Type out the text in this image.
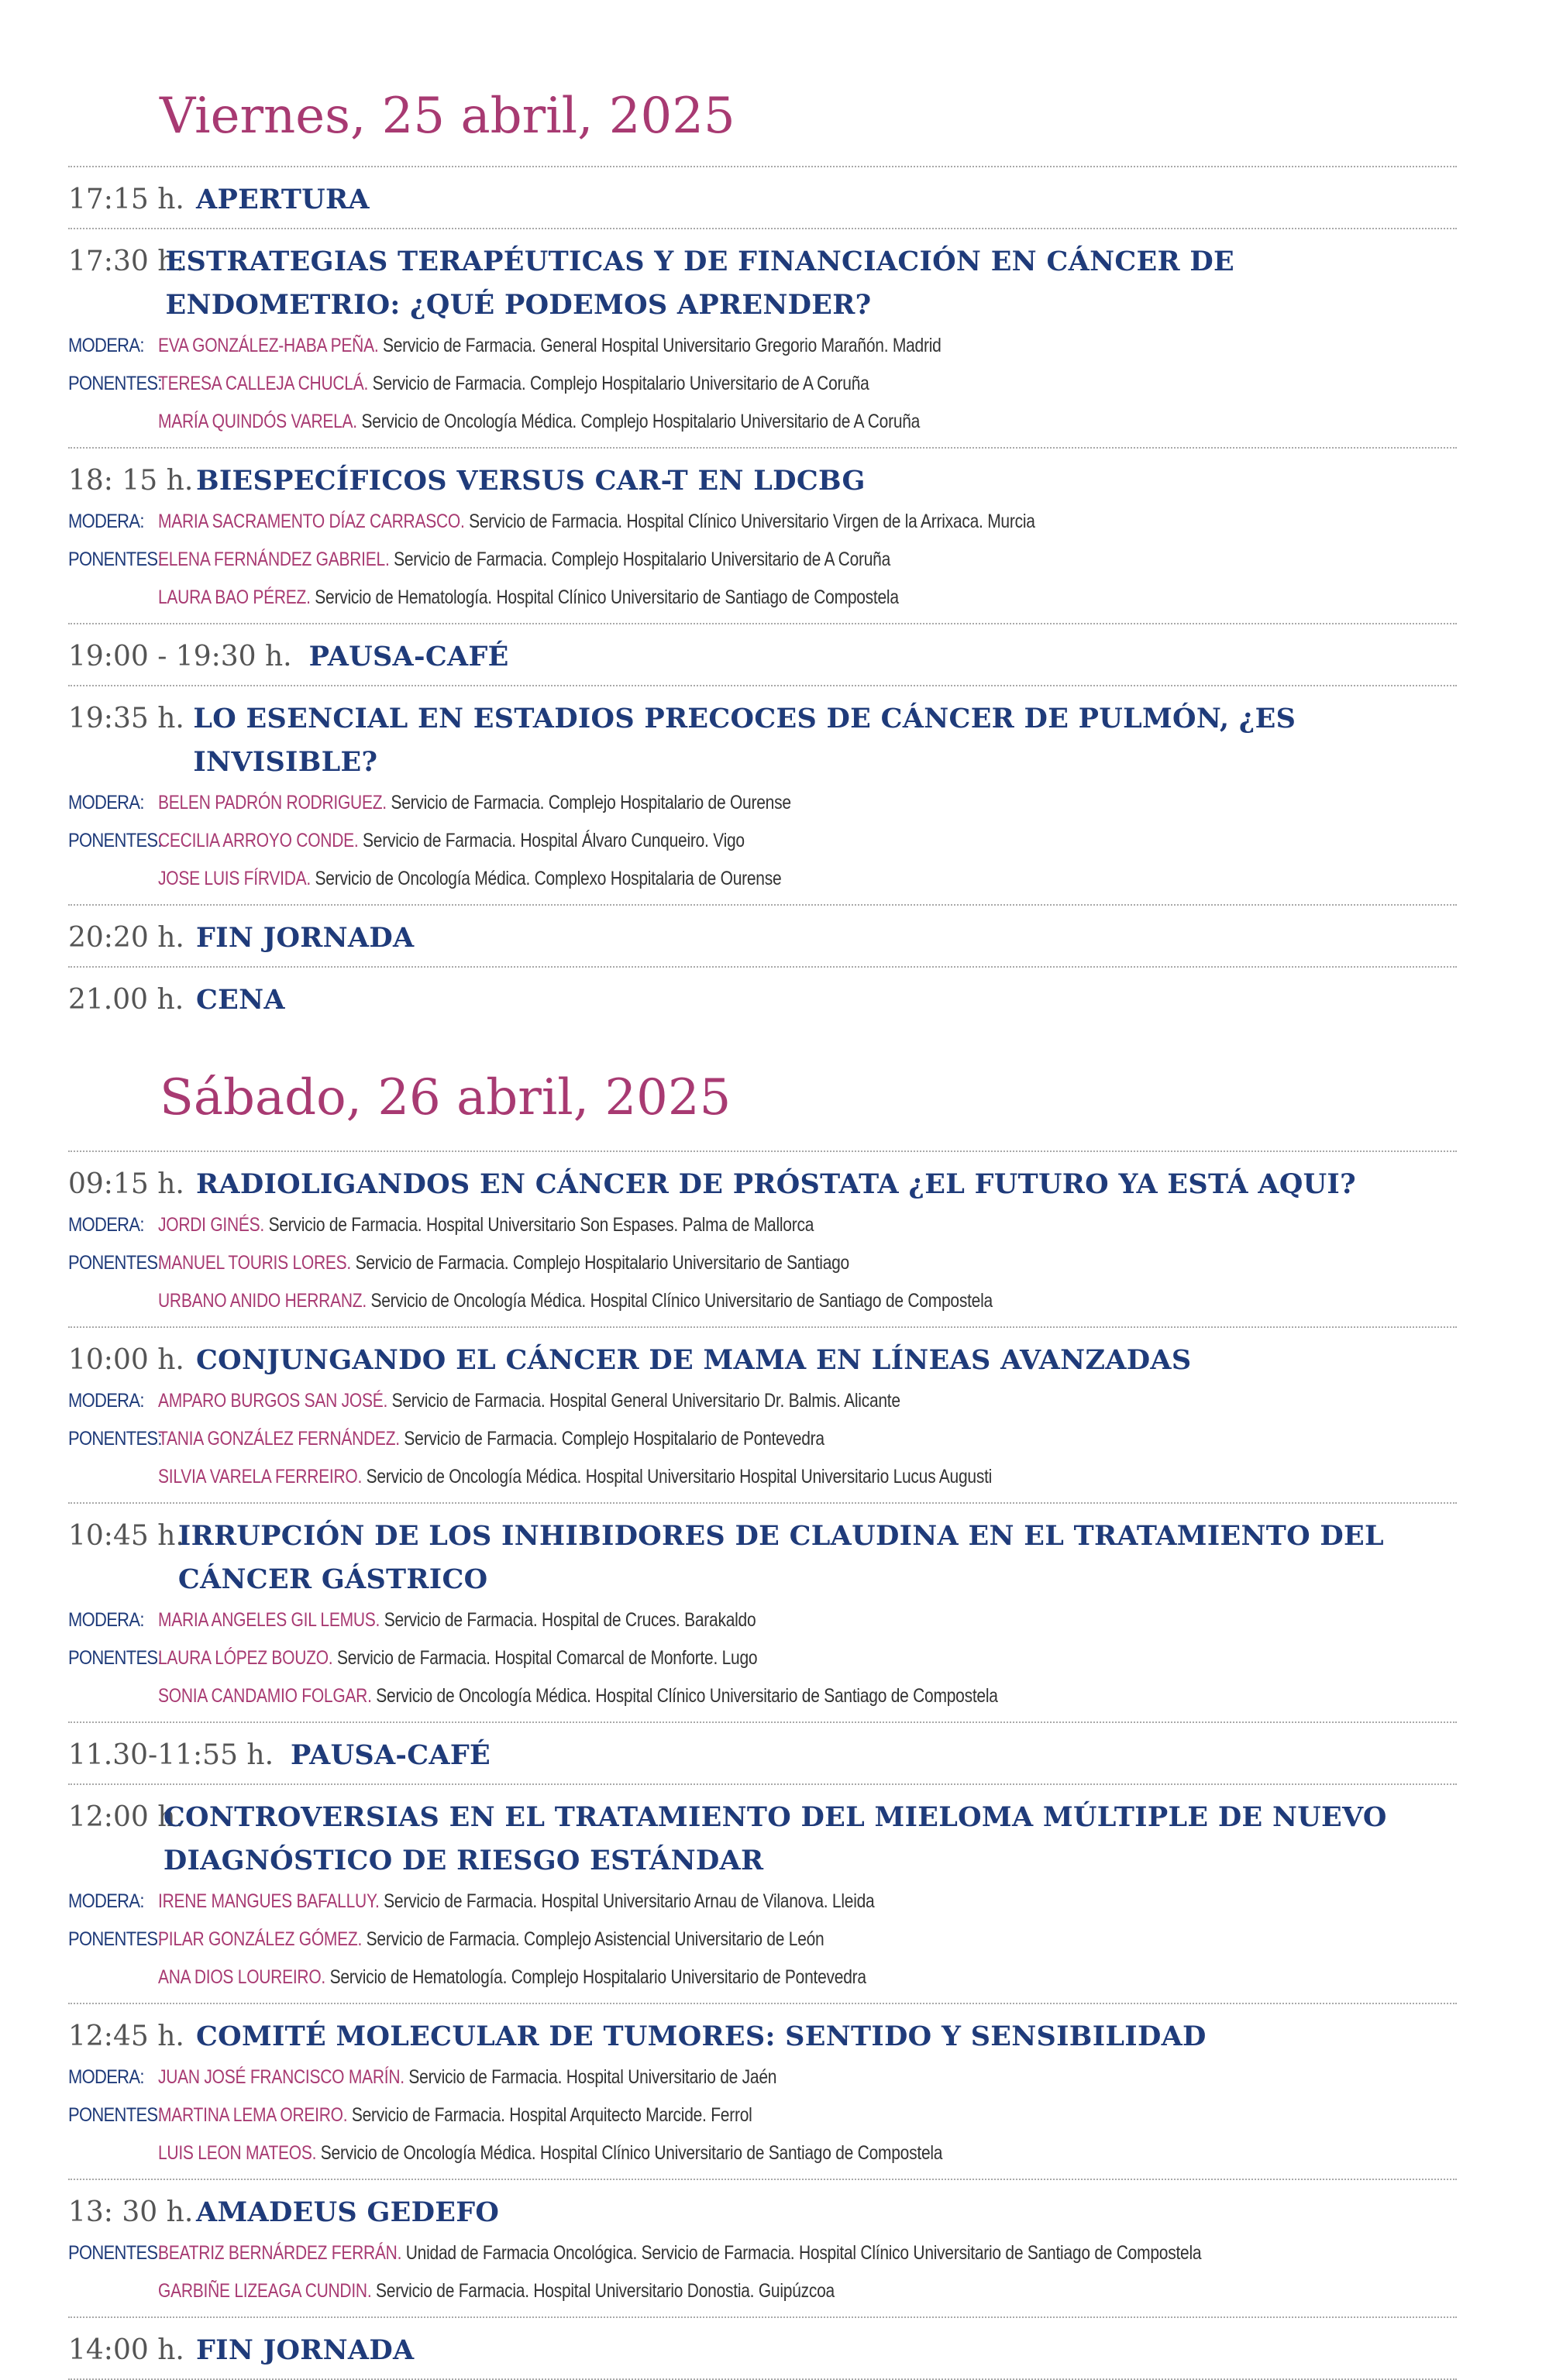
Viernes, 25 abril, 2025
17:15 h. APERTURA
17:30 h.
ESTRATEGIAS TERAPÉUTICAS Y DE FINANCIACIÓN EN CÁNCER DE ENDOMETRIO: ¿QUÉ PODEMOS APRENDER?
MODERA: EVA GONZÁLEZ-HABA PEÑA. Servicio de Farmacia. General Hospital Universitario Gregorio Marañón. Madrid
PONENTES:
TERESA CALLEJA CHUCLÁ. Servicio de Farmacia. Complejo Hospitalario Universitario de A Coruña
MARÍA QUINDÓS VARELA. Servicio de Oncología Médica. Complejo Hospitalario Universitario de A Coruña
18: 15 h. BIESPECÍFICOS VERSUS CAR-T EN LDCBG
MODERA: MARIA SACRAMENTO DÍAZ CARRASCO. Servicio de Farmacia. Hospital Clínico Universitario Virgen de la Arrixaca. Murcia
PONENTES:
ELENA FERNÁNDEZ GABRIEL. Servicio de Farmacia. Complejo Hospitalario Universitario de A Coruña
LAURA BAO PÉREZ. Servicio de Hematología. Hospital Clínico Universitario de Santiago de Compostela
19:00 - 19:30 h. PAUSA-CAFÉ
19:35 h. LO ESENCIAL EN ESTADIOS PRECOCES DE CÁNCER DE PULMÓN, ¿ES INVISIBLE?
MODERA: BELEN PADRÓN RODRIGUEZ. Servicio de Farmacia. Complejo Hospitalario de Ourense
PONENTES:
CECILIA ARROYO CONDE. Servicio de Farmacia. Hospital Álvaro Cunqueiro. Vigo
JOSE LUIS FÍRVIDA. Servicio de Oncología Médica. Complexo Hospitalaria de Ourense
20:20 h. FIN JORNADA
21.00 h. CENA
Sábado, 26 abril, 2025
09:15 h. RADIOLIGANDOS EN CÁNCER DE PRÓSTATA ¿EL FUTURO YA ESTÁ AQUI?
MODERA: JORDI GINÉS. Servicio de Farmacia. Hospital Universitario Son Espases. Palma de Mallorca
PONENTES:
MANUEL TOURIS LORES. Servicio de Farmacia. Complejo Hospitalario Universitario de Santiago
URBANO ANIDO HERRANZ. Servicio de Oncología Médica. Hospital Clínico Universitario de Santiago de Compostela
10:00 h. CONJUNGANDO EL CÁNCER DE MAMA EN LÍNEAS AVANZADAS
MODERA: AMPARO BURGOS SAN JOSÉ. Servicio de Farmacia. Hospital General Universitario Dr. Balmis. Alicante
PONENTES:
TANIA GONZÁLEZ FERNÁNDEZ. Servicio de Farmacia. Complejo Hospitalario de Pontevedra
SILVIA VARELA FERREIRO. Servicio de Oncología Médica. Hospital Universitario Hospital Universitario Lucus Augusti
10:45 h.
IRRUPCIÓN DE LOS INHIBIDORES DE CLAUDINA EN EL TRATAMIENTO DEL CÁNCER GÁSTRICO
MODERA: MARIA ANGELES GIL LEMUS. Servicio de Farmacia. Hospital de Cruces. Barakaldo
PONENTES:
LAURA LÓPEZ BOUZO. Servicio de Farmacia. Hospital Comarcal de Monforte. Lugo
SONIA CANDAMIO FOLGAR. Servicio de Oncología Médica. Hospital Clínico Universitario de Santiago de Compostela
11.30-11:55 h. PAUSA-CAFÉ
12:00 h.
CONTROVERSIAS EN EL TRATAMIENTO DEL MIELOMA MÚLTIPLE DE NUEVO DIAGNÓSTICO DE RIESGO ESTÁNDAR
MODERA: IRENE MANGUES BAFALLUY. Servicio de Farmacia. Hospital Universitario Arnau de Vilanova. Lleida
PONENTES:
PILAR GONZÁLEZ GÓMEZ. Servicio de Farmacia. Complejo Asistencial Universitario de León
ANA DIOS LOUREIRO. Servicio de Hematología. Complejo Hospitalario Universitario de Pontevedra
12:45 h. COMITÉ MOLECULAR DE TUMORES: SENTIDO Y SENSIBILIDAD
MODERA: JUAN JOSÉ FRANCISCO MARÍN. Servicio de Farmacia. Hospital Universitario de Jaén
PONENTES:
MARTINA LEMA OREIRO. Servicio de Farmacia. Hospital Arquitecto Marcide. Ferrol
LUIS LEON MATEOS. Servicio de Oncología Médica. Hospital Clínico Universitario de Santiago de Compostela
13: 30 h. AMADEUS GEDEFO
PONENTES:
BEATRIZ BERNÁRDEZ FERRÁN. Unidad de Farmacia Oncológica. Servicio de Farmacia. Hospital Clínico Universitario de Santiago de Compostela
GARBIÑE LIZEAGA CUNDIN. Servicio de Farmacia. Hospital Universitario Donostia. Guipúzcoa
14:00 h. FIN JORNADA
